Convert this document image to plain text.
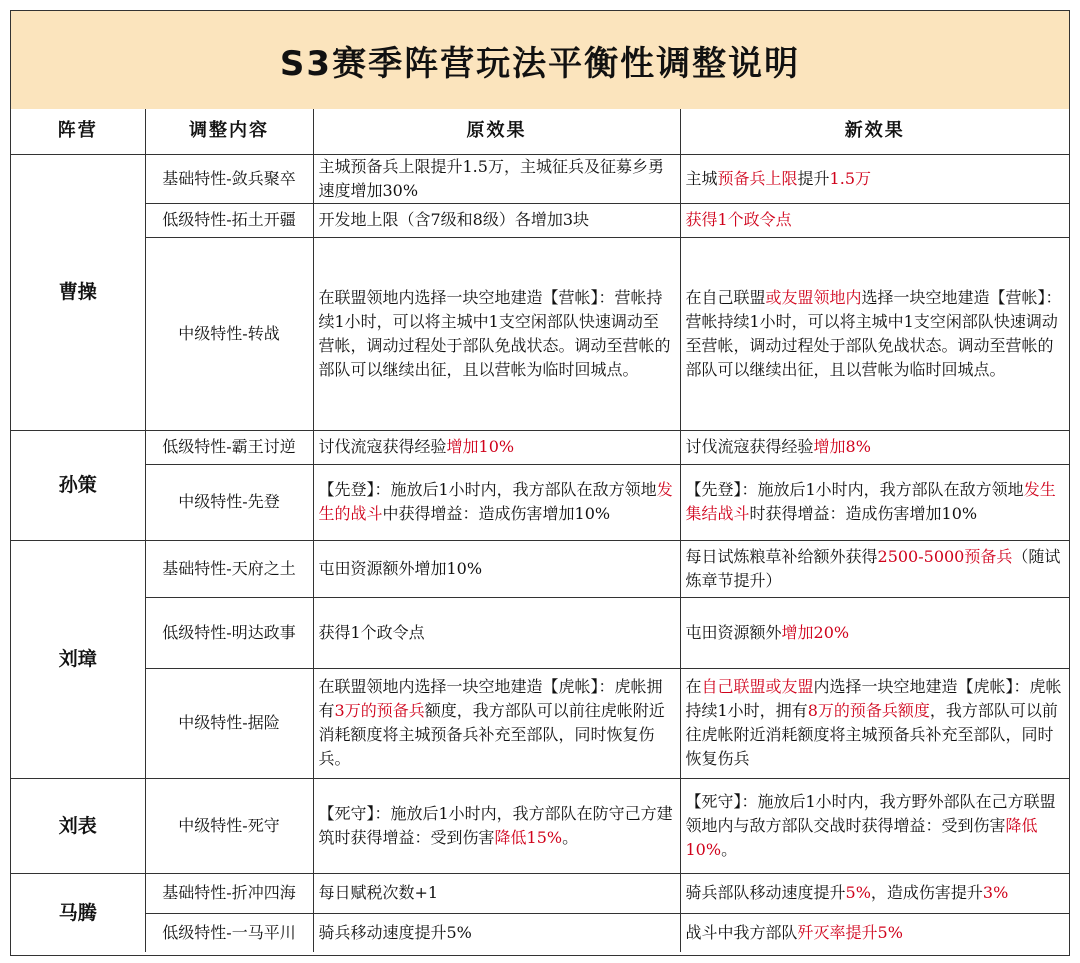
S3赛季阵营玩法平衡性调整说明
阵营	调整内容	原效果	新效果
曹操	基础特性-敛兵聚卒	主城预备兵上限提升1.5万，主城征兵及征募乡勇速度增加30%	主城预备兵上限提升1.5万
	低级特性-拓土开疆	开发地上限（含7级和8级）各增加3块	获得1个政令点
	中级特性-转战	在联盟领地内选择一块空地建造【营帐】：营帐持续1小时，可以将主城中1支空闲部队快速调动至营帐，调动过程处于部队免战状态。调动至营帐的部队可以继续出征，且以营帐为临时回城点。	在自己联盟或友盟领地内选择一块空地建造【营帐】：营帐持续1小时，可以将主城中1支空闲部队快速调动至营帐，调动过程处于部队免战状态。调动至营帐的部队可以继续出征，且以营帐为临时回城点。
孙策	低级特性-霸王讨逆	讨伐流寇获得经验增加10%	讨伐流寇获得经验增加8%
	中级特性-先登	【先登】：施放后1小时内，我方部队在敌方领地发生的战斗中获得增益：造成伤害增加10%	【先登】：施放后1小时内，我方部队在敌方领地发生集结战斗时获得增益：造成伤害增加10%
刘璋	基础特性-天府之土	屯田资源额外增加10%	每日试炼粮草补给额外获得2500-5000预备兵（随试炼章节提升）
	低级特性-明达政事	获得1个政令点	屯田资源额外增加20%
	中级特性-据险	在联盟领地内选择一块空地建造【虎帐】：虎帐拥有3万的预备兵额度，我方部队可以前往虎帐附近消耗额度将主城预备兵补充至部队，同时恢复伤兵。	在自己联盟或友盟内选择一块空地建造【虎帐】：虎帐持续1小时，拥有8万的预备兵额度，我方部队可以前往虎帐附近消耗额度将主城预备兵补充至部队，同时恢复伤兵
刘表	中级特性-死守	【死守】：施放后1小时内，我方部队在防守己方建筑时获得增益：受到伤害降低15%。	【死守】：施放后1小时内，我方野外部队在己方联盟领地内与敌方部队交战时获得增益：受到伤害降低10%。
马腾	基础特性-折冲四海	每日赋税次数+1	骑兵部队移动速度提升5%，造成伤害提升3%
	低级特性-一马平川	骑兵移动速度提升5%	战斗中我方部队歼灭率提升5%
